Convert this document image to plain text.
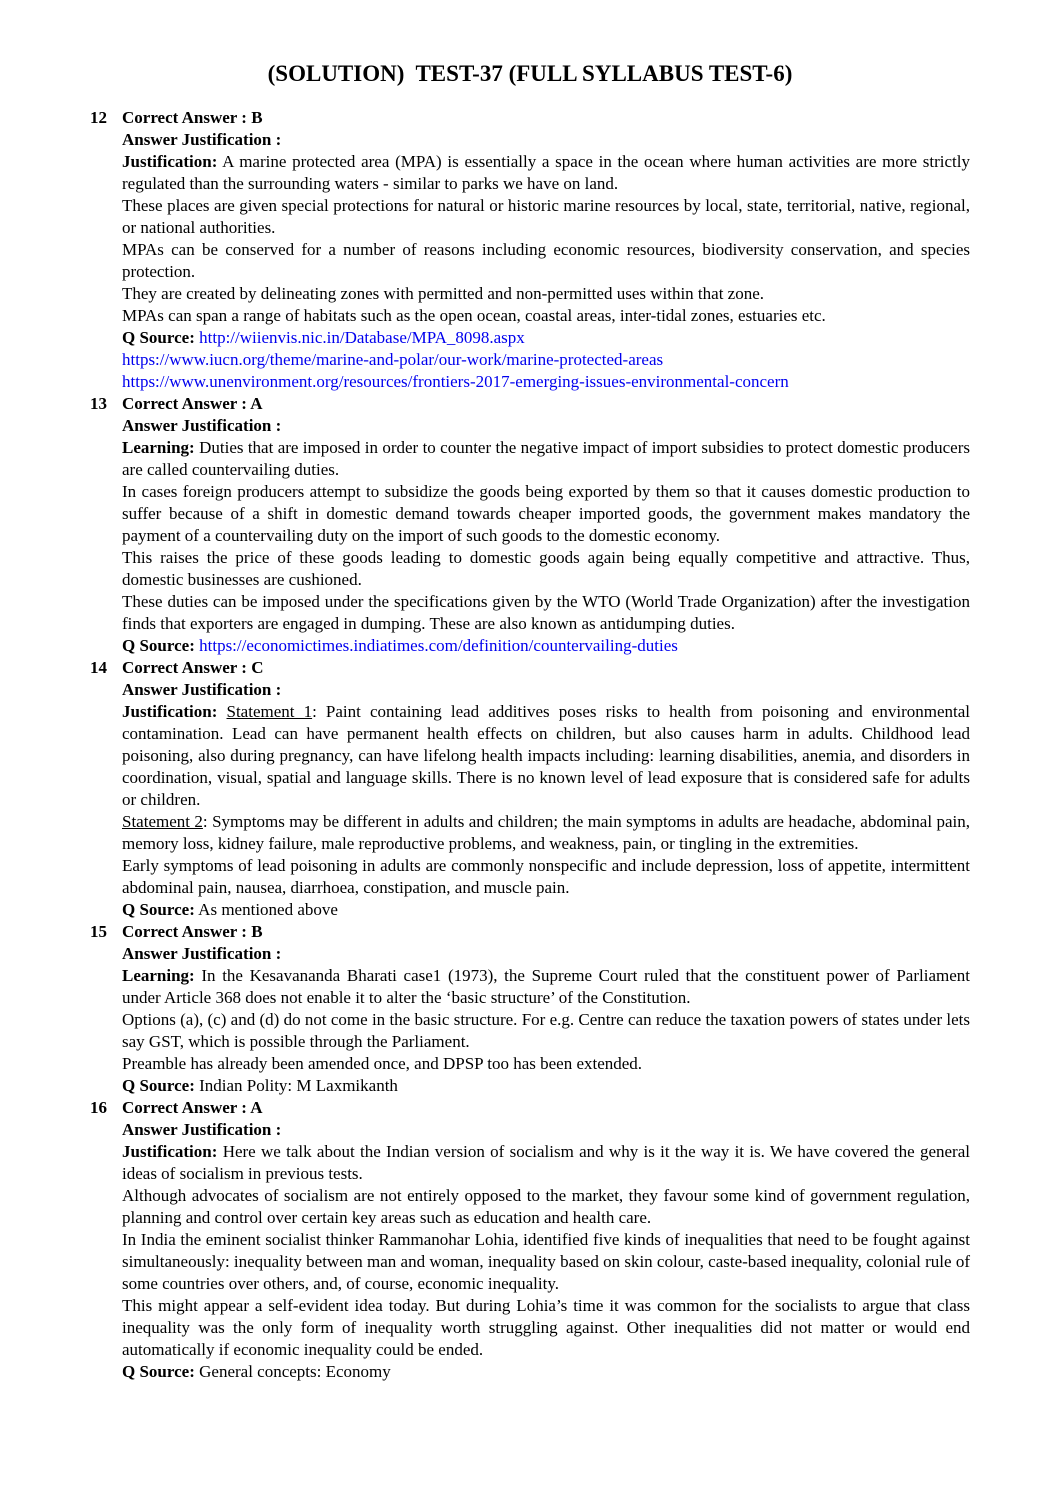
(SOLUTION)  TEST-37 (FULL SYLLABUS TEST-6)
12 Correct Answer : B
Answer Justification :

Justification: A marine protected area (MPA) is essentially a space in the ocean where human activities are more strictly regulated than the surrounding waters - similar to parks we have on land.

These places are given special protections for natural or historic marine resources by local, state, territorial, native, regional, or national authorities.

MPAs can be conserved for a number of reasons including economic resources, biodiversity conservation, and species protection.

They are created by delineating zones with permitted and non-permitted uses within that zone.

MPAs can span a range of habitats such as the open ocean, coastal areas, inter-tidal zones, estuaries etc.

Q Source: http://wiienvis.nic.in/Database/MPA_8098.aspx

https://www.iucn.org/theme/marine-and-polar/our-work/marine-protected-areas

https://www.unenvironment.org/resources/frontiers-2017-emerging-issues-environmental-concern

13 Correct Answer : A
Answer Justification :

Learning: Duties that are imposed in order to counter the negative impact of import subsidies to protect domestic producers are called countervailing duties.

In cases foreign producers attempt to subsidize the goods being exported by them so that it causes domestic production to suffer because of a shift in domestic demand towards cheaper imported goods, the government makes mandatory the payment of a countervailing duty on the import of such goods to the domestic economy.

This raises the price of these goods leading to domestic goods again being equally competitive and attractive. Thus, domestic businesses are cushioned.

These duties can be imposed under the specifications given by the WTO (World Trade Organization) after the investigation finds that exporters are engaged in dumping. These are also known as antidumping duties.

Q Source: https://economictimes.indiatimes.com/definition/countervailing-duties

14 Correct Answer : C
Answer Justification :

Justification: Statement 1: Paint containing lead additives poses risks to health from poisoning and environmental contamination. Lead can have permanent health effects on children, but also causes harm in adults. Childhood lead poisoning, also during pregnancy, can have lifelong health impacts including: learning disabilities, anemia, and disorders in coordination, visual, spatial and language skills. There is no known level of lead exposure that is considered safe for adults or children.

Statement 2: Symptoms may be different in adults and children; the main symptoms in adults are headache, abdominal pain, memory loss, kidney failure, male reproductive problems, and weakness, pain, or tingling in the extremities.

Early symptoms of lead poisoning in adults are commonly nonspecific and include depression, loss of appetite, intermittent abdominal pain, nausea, diarrhoea, constipation, and muscle pain.

Q Source: As mentioned above

15 Correct Answer : B
Answer Justification :

Learning: In the Kesavananda Bharati case1 (1973), the Supreme Court ruled that the constituent power of Parliament under Article 368 does not enable it to alter the ‘basic structure’ of the Constitution.

Options (a), (c) and (d) do not come in the basic structure. For e.g. Centre can reduce the taxation powers of states under lets say GST, which is possible through the Parliament.

Preamble has already been amended once, and DPSP too has been extended.

Q Source: Indian Polity: M Laxmikanth

16 Correct Answer : A
Answer Justification :

Justification: Here we talk about the Indian version of socialism and why is it the way it is. We have covered the general ideas of socialism in previous tests.

Although advocates of socialism are not entirely opposed to the market, they favour some kind of government regulation, planning and control over certain key areas such as education and health care.

In India the eminent socialist thinker Rammanohar Lohia, identified five kinds of inequalities that need to be fought against simultaneously: inequality between man and woman, inequality based on skin colour, caste-based inequality, colonial rule of some countries over others, and, of course, economic inequality.

This might appear a self-evident idea today. But during Lohia’s time it was common for the socialists to argue that class inequality was the only form of inequality worth struggling against. Other inequalities did not matter or would end automatically if economic inequality could be ended.

Q Source: General concepts: Economy
